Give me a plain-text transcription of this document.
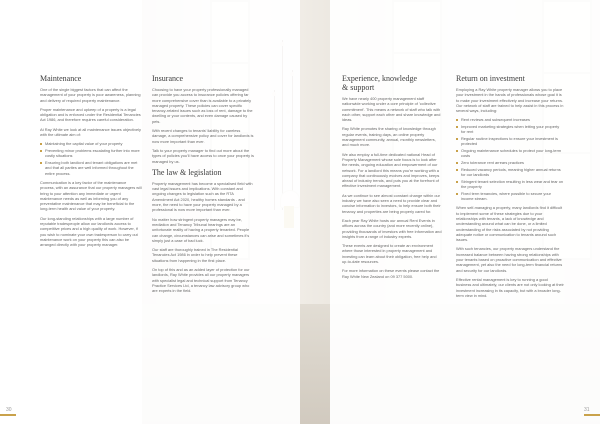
Maintenance

One of the single biggest factors that can affect the management of your property is poor awareness, planning and delivery of required property maintenance.

Proper maintenance and upkeep of a property is a legal obligation and is enforced under the Residential Tenancies Act 1986, and therefore requires careful consideration.

At Ray White we look at all maintenance issues objectively with the ultimate aim of:

Maintaining the capital value of your property
Preventing minor problems escalating further into more costly situations
Ensuring both landlord and tenant obligations are met and that all parties are well informed throughout the entire process.

Communication is a key factor of the maintenance process, with an assurance that our property managers will bring to your attention any immediate or urgent maintenance needs as well as informing you of any preventative maintenance that may be beneficial to the long-term health and value of your property.

Our long-standing relationships with a large number of reputable tradespeople allow our landlords access to competitive prices and a high quality of work. However, if you wish to nominate your own tradesperson to carry out maintenance work on your property this can also be arranged directly with your property manager.

Insurance

Choosing to have your property professionally managed can provide you access to insurance policies offering far more comprehensive cover than is available to a privately managed property. These policies can cover specific tenancy-related issues such as loss of rent, damage to the dwelling or your contents, and even damage caused by pets.

With recent changes to tenants' liability for careless damage, a comprehensive policy and cover for landlords is now more important than ever.

Talk to your property manager to find out more about the types of policies you'll have access to once your property is managed by us.

The law & legislation

Property management has become a specialised field with vast legal issues and implications. With constant and ongoing changes to legislation such as the RTA Amendment Act 2020, healthy homes standards - and more, the need to have your property managed by a professional is now more important than ever.

No matter how stringent property managers may be, mediation and Tenancy Tribunal hearings are an unfortunate reality of having a property tenanted. People can change, circumstances can arise and sometimes it's simply just a case of bad luck.

Our staff are thoroughly trained in The Residential Tenancies Act 1986 in order to help prevent these situations from happening in the first place.

On top of this and as an added layer of protection for our landlords, Ray White provides all our property managers with specialist legal and technical support from Tenancy Practice Services Ltd, a tenancy law advisory group who are experts in the field.

Experience, knowledge
& support

We have nearly 400 property management staff nationwide working under a core principle of 'collective commitment'. This means a network of staff who talk with each other, support each other and share knowledge and ideas.

Ray White promotes the sharing of knowledge through regular events, training days, an online property management community, annual, monthly newsletters, and much more.

We also employ a full-time dedicated national Head of Property Management whose sole focus is to look after the needs, ongoing education and empowerment of our network. For a landlord this means you're working with a company that continuously evolves and improves, keeps ahead of industry trends, and puts you at the forefront of effective investment management.

As we continue to see almost constant change within our industry we have also seen a need to provide clear and concise information to investors, to help ensure both their tenancy and properties are being properly cared for.

Each year Ray White hosts our annual Rent Events in offices across the country (and more recently online), providing thousands of investors with free information and insights from a range of industry experts.

These events are designed to create an environment where those interested in property management and investing can learn about their obligation, free help and up-to-date resources.

For more information on these events please contact the Ray White New Zealand on 09 377 5000.

Return on investment

Employing a Ray White property manager allows you to place your investment in the hands of professionals whose goal it is to make your investment effectively and increase your returns. Our network of staff are trained to help assist in this process in several ways, including:

Rent reviews and subsequent increases
Improved marketing strategies when letting your property for rent
Regular routine inspections to ensure your investment is protected
Ongoing maintenance schedules to protect your long-term costs
Zero tolerance rent arrears practices
Reduced vacancy periods, meaning higher annual returns for our landlords
Stringent tenant selection resulting in less wear and tear on the property
Fixed term tenancies, where possible to secure your income stream.

When self-managing a property, many landlords find it difficult to implement some of these strategies due to your relationships with tenants, a lack of knowledge and understanding around what can be done, or a limited understanding of the risks associated by not providing adequate notice or communication to tenants around such issues.

With such tenancies, our property managers understand the increased balance between having strong relationships with your tenants based on proactive communication and effective management, yet also the need for long-term financial returns and security for our landlords.

Effective rental management is key to running a good business and ultimately, our clients are not only looking at their investment increasing in its capacity, but with a broader long-term view in mind.

30	31
